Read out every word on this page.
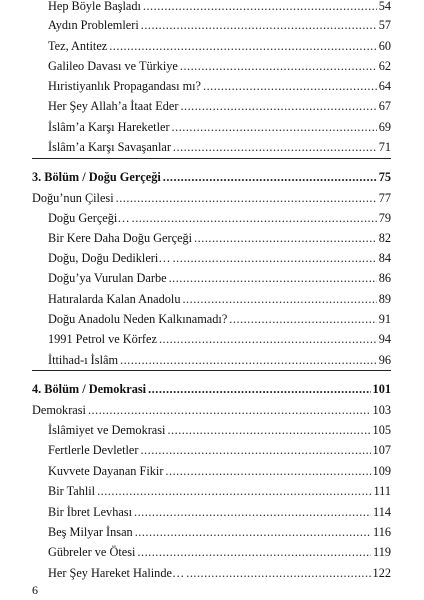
Hep Böyle Başladı .....	54
Aydın Problemleri .....	57
Tez, Antitez .....	60
Galileo Davası ve Türkiye .....	62
Hıristiyanlık Propagandası mı? .....	64
Her Şey Allah’a İtaat Eder .....	67
İslâm’a Karşı Hareketler .....	69
İslâm’a Karşı Savaşanlar .....	71
3. Bölüm / Doğu Gerçeği .....	75
Doğu’nun Çilesi .....	77
Doğu Gerçeği… .....	79
Bir Kere Daha Doğu Gerçeği .....	82
Doğu, Doğu Dedikleri… .....	84
Doğu’ya Vurulan Darbe .....	86
Hatıralarda Kalan Anadolu .....	89
Doğu Anadolu Neden Kalkınamadı? .....	91
1991 Petrol ve Körfez .....	94
İttihad-ı İslâm .....	96
4. Bölüm / Demokrasi .....	101
Demokrasi .....	103
İslâmiyet ve Demokrasi .....	105
Fertlerle Devletler .....	107
Kuvvete Dayanan Fikir .....	109
Bir Tahlil .....	111
Bir İbret Levhası .....	114
Beş Milyar İnsan .....	116
Gübreler ve Ötesi .....	119
Her Şey Hareket Halinde… .....	122
6
